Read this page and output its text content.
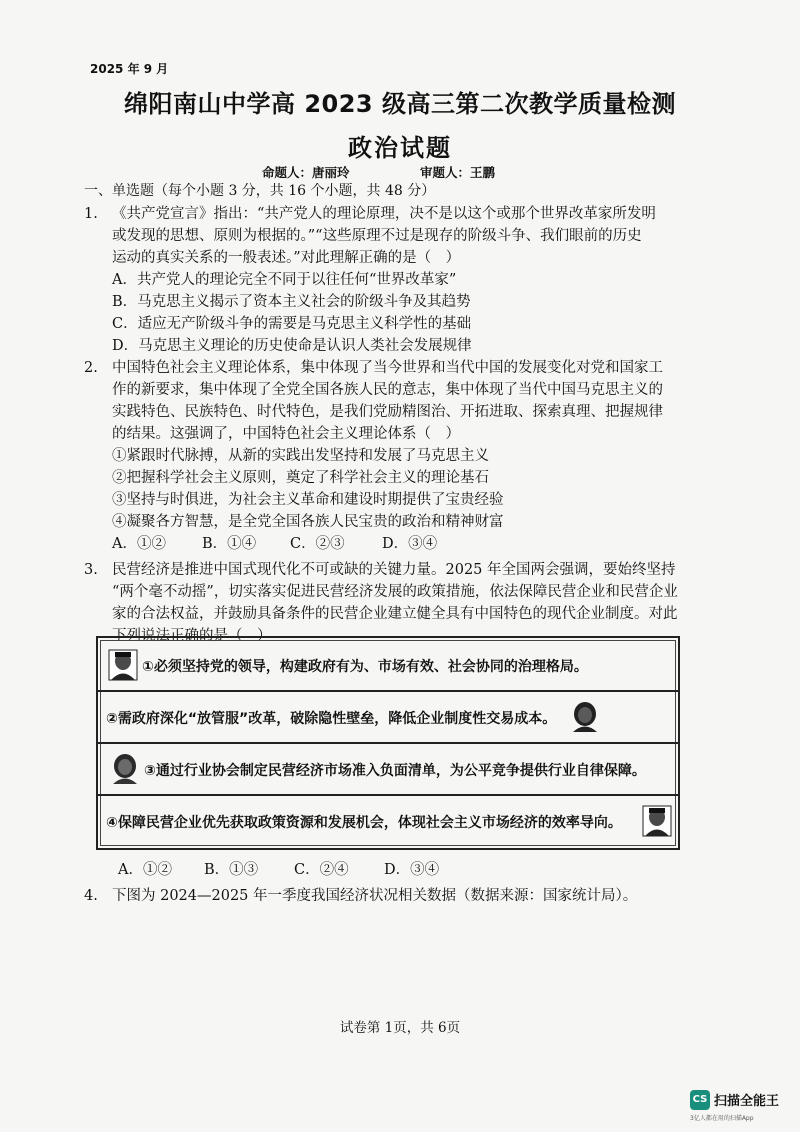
2025 年 9 月
绵阳南山中学高 2023 级高三第二次教学质量检测
政治试题
命题人：唐丽玲	审题人：王鹏
一、单选题（每个小题 3 分，共 16 个小题，共 48 分）
1. 《共产党宣言》指出：“共产党人的理论原理，决不是以这个或那个世界改革家所发明
或发现的思想、原则为根据的。”“这些原理不过是现存的阶级斗争、我们眼前的历史
运动的真实关系的一般表述。”对此理解正确的是（　）
A．共产党人的理论完全不同于以往任何“世界改革家”
B．马克思主义揭示了资本主义社会的阶级斗争及其趋势
C．适应无产阶级斗争的需要是马克思主义科学性的基础
D．马克思主义理论的历史使命是认识人类社会发展规律
2. 中国特色社会主义理论体系，集中体现了当今世界和当代中国的发展变化对党和国家工
作的新要求，集中体现了全党全国各族人民的意志，集中体现了当代中国马克思主义的
实践特色、民族特色、时代特色，是我们党励精图治、开拓进取、探索真理、把握规律
的结果。这强调了，中国特色社会主义理论体系（　）
①紧跟时代脉搏，从新的实践出发坚持和发展了马克思主义
②把握科学社会主义原则，奠定了科学社会主义的理论基石
③坚持与时俱进，为社会主义革命和建设时期提供了宝贵经验
④凝聚各方智慧，是全党全国各族人民宝贵的政治和精神财富
A．①② B．①④ C．②③	D．③④
3. 民营经济是推进中国式现代化不可或缺的关键力量。2025 年全国两会强调，要始终坚持
“两个毫不动摇”，切实落实促进民营经济发展的政策措施，依法保障民营企业和民营企业
家的合法权益，并鼓励具备条件的民营企业建立健全具有中国特色的现代企业制度。对此
下列说法正确的是（　）
①必须坚持党的领导，构建政府有为、市场有效、社会协同的治理格局。
②需政府深化“放管服”改革，破除隐性壁垒，降低企业制度性交易成本。
③通过行业协会制定民营经济市场准入负面清单，为公平竞争提供行业自律保障。
④保障民营企业优先获取政策资源和发展机会，体现社会主义市场经济的效率导向。
A．①② B．①③ C．②④ D．③④
4. 下图为 2024—2025 年一季度我国经济状况相关数据（数据来源：国家统计局）。
试卷第 1页，共 6页
CS 扫描全能王
3亿人都在用的扫描App
